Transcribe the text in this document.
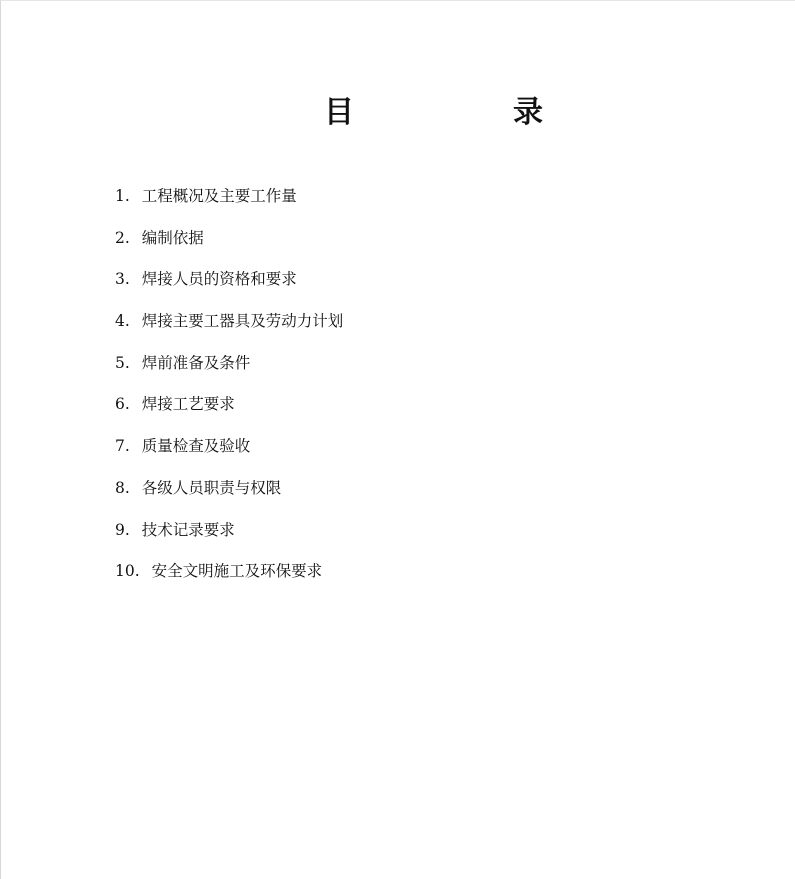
目	录
1. 工程概况及主要工作量
2. 编制依据
3. 焊接人员的资格和要求
4. 焊接主要工器具及劳动力计划
5. 焊前准备及条件
6. 焊接工艺要求
7. 质量检查及验收
8. 各级人员职责与权限
9. 技术记录要求
10. 安全文明施工及环保要求
